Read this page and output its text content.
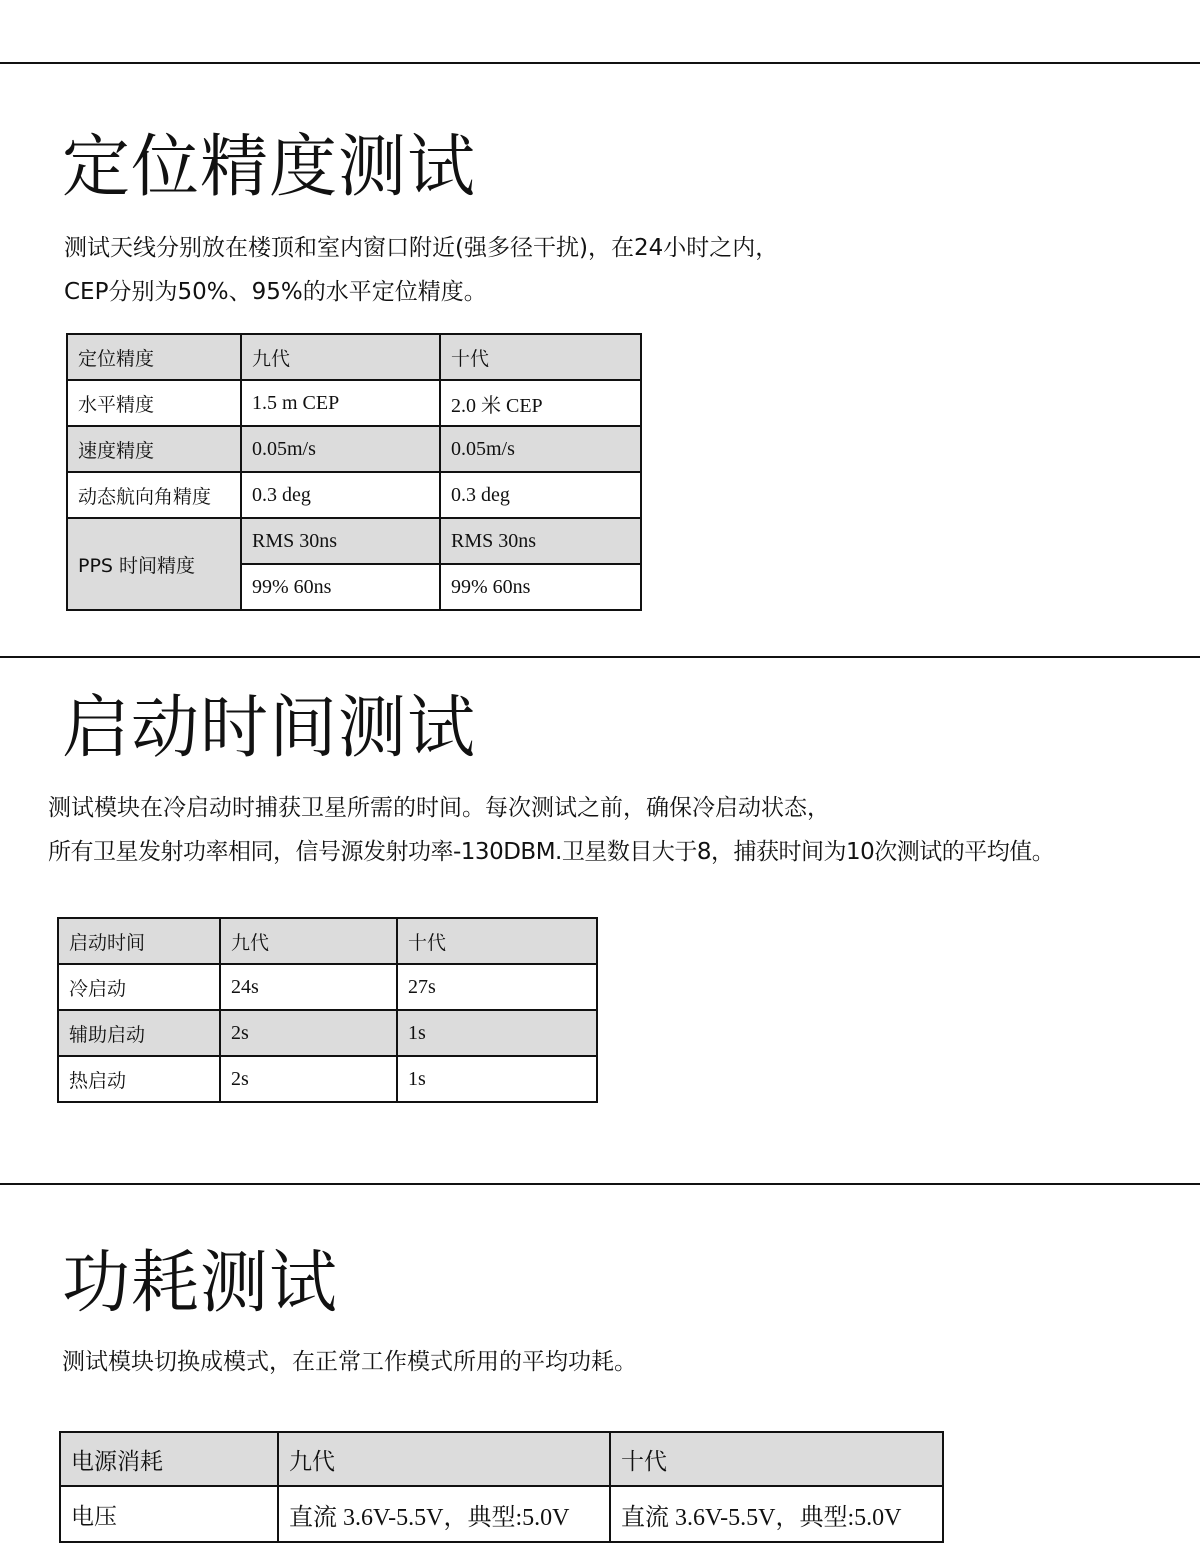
定位精度测试
测试天线分别放在楼顶和室内窗口附近(强多径干扰)，在24小时之内，
CEP分别为50%、95%的水平定位精度。
定位精度	九代	十代
水平精度	1.5 m CEP	2.0 米 CEP
速度精度	0.05m/s	0.05m/s
动态航向角精度	0.3 deg	0.3 deg
PPS 时间精度	RMS 30ns	RMS 30ns
	99% 60ns	99% 60ns
启动时间测试
测试模块在冷启动时捕获卫星所需的时间。每次测试之前，确保冷启动状态，
所有卫星发射功率相同，信号源发射功率-130DBM.卫星数目大于8，捕获时间为10次测试的平均值。
启动时间	九代	十代
冷启动	24s	27s
辅助启动	2s	1s
热启动	2s	1s
功耗测试
测试模块切换成模式，在正常工作模式所用的平均功耗。
电源消耗	九代	十代
电压	直流 3.6V-5.5V，典型:5.0V	直流 3.6V-5.5V，典型:5.0V
